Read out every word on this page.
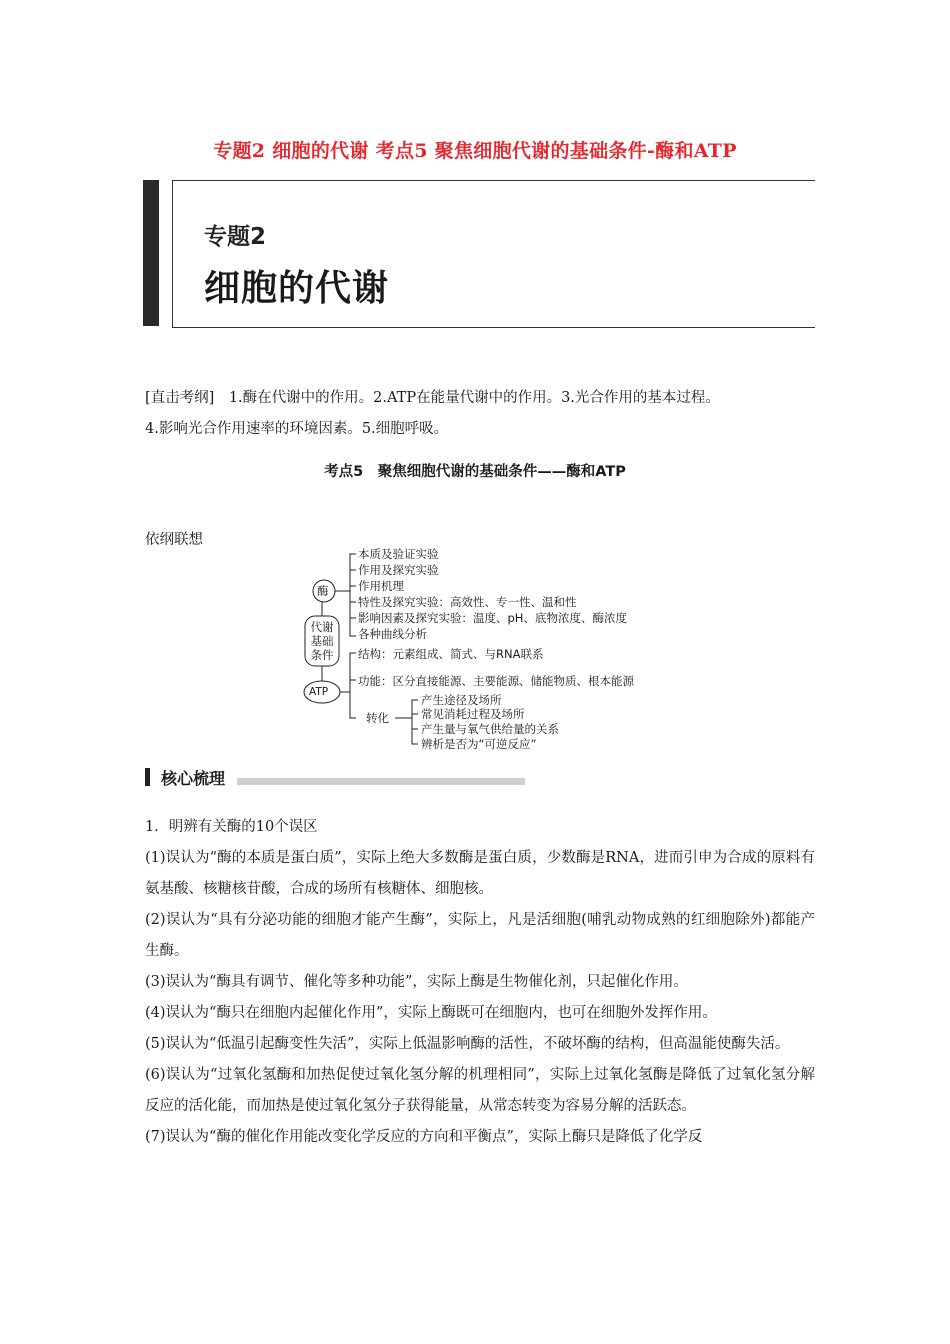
专题2 细胞的代谢 考点5 聚焦细胞代谢的基础条件-酶和ATP
专题2
细胞的代谢
[直击考纲]　1.酶在代谢中的作用。2.ATP在能量代谢中的作用。3.光合作用的基本过程。
4.影响光合作用速率的环境因素。5.细胞呼吸。
考点5　聚焦细胞代谢的基础条件——酶和ATP
依纲联想
代谢
基础
条件
酶
ATP
本质及验证实验
作用及探究实验
作用机理
特性及探究实验：高效性、专一性、温和性
影响因素及探究实验：温度、pH、底物浓度、酶浓度
各种曲线分析
结构：元素组成、简式、与RNA联系
功能：区分直接能源、主要能源、储能物质、根本能源
转化
产生途径及场所
常见消耗过程及场所
产生量与氧气供给量的关系
辨析是否为“可逆反应”
核心梳理

1．明辨有关酶的10个误区

(1)误认为“酶的本质是蛋白质”，实际上绝大多数酶是蛋白质，少数酶是RNA，进而引申为合成的原料有氨基酸、核糖核苷酸，合成的场所有核糖体、细胞核。

(2)误认为“具有分泌功能的细胞才能产生酶”，实际上，凡是活细胞(哺乳动物成熟的红细胞除外)都能产生酶。

(3)误认为“酶具有调节、催化等多种功能”，实际上酶是生物催化剂，只起催化作用。

(4)误认为“酶只在细胞内起催化作用”，实际上酶既可在细胞内，也可在细胞外发挥作用。

(5)误认为“低温引起酶变性失活”，实际上低温影响酶的活性，不破坏酶的结构，但高温能使酶失活。

(6)误认为“过氧化氢酶和加热促使过氧化氢分解的机理相同”，实际上过氧化氢酶是降低了过氧化氢分解反应的活化能，而加热是使过氧化氢分子获得能量，从常态转变为容易分解的活跃态。

(7)误认为“酶的催化作用能改变化学反应的方向和平衡点”，实际上酶只是降低了化学反
